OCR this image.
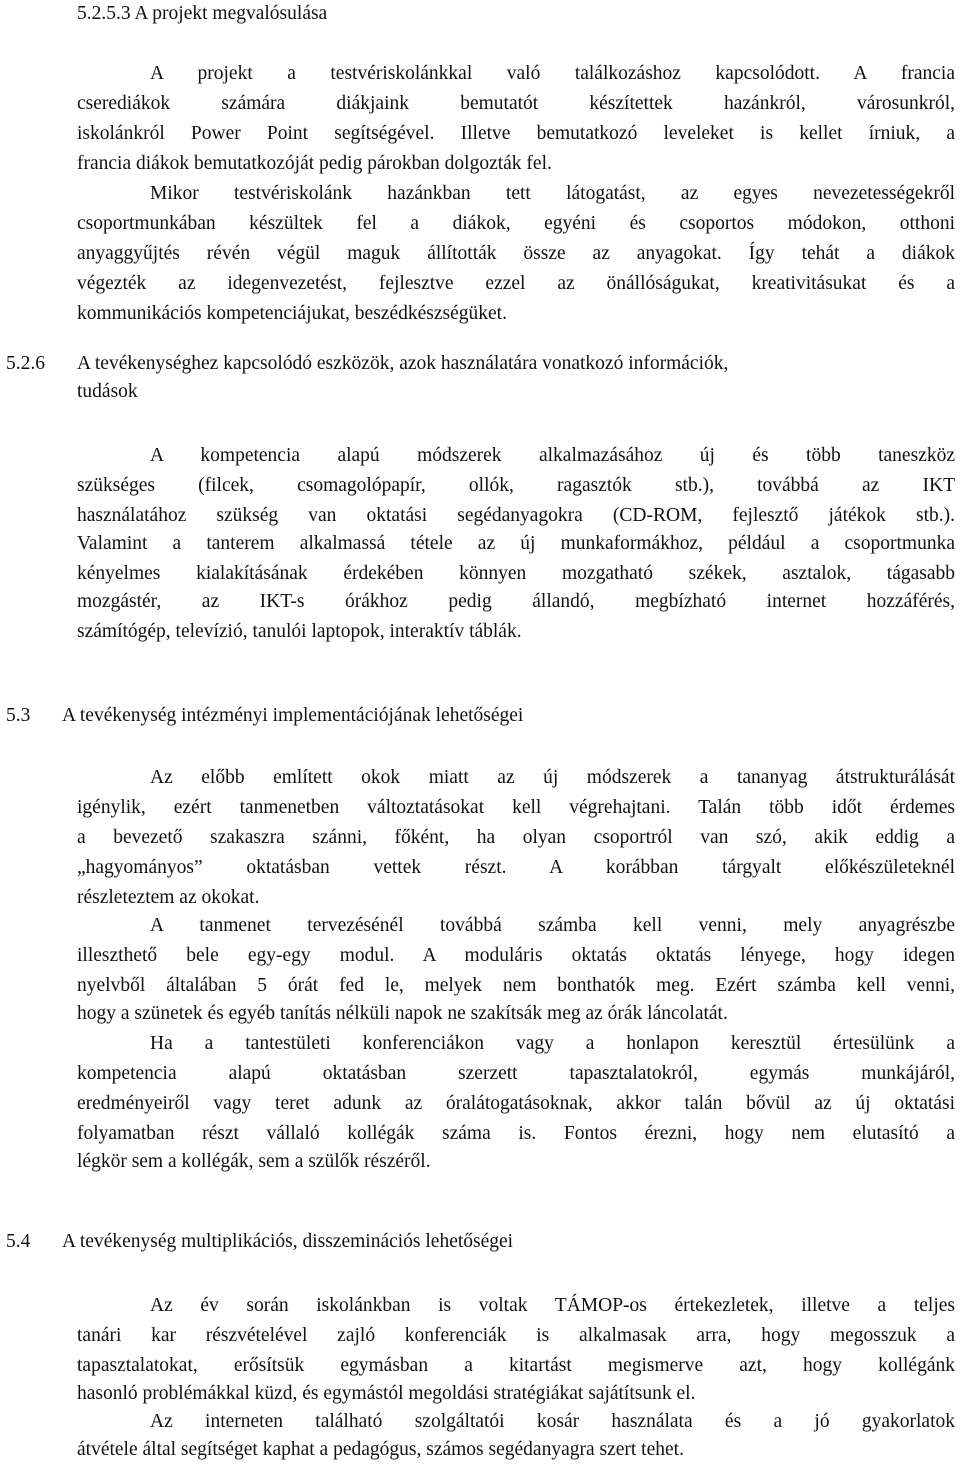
5.2.5.3 A projekt megvalósulása
A projekt a testvériskolánkkal való találkozáshoz kapcsolódott. A francia
cserediákok számára diákjaink bemutatót készítettek hazánkról, városunkról,
iskolánkról Power Point segítségével. Illetve bemutatkozó leveleket is kellet írniuk, a
francia diákok bemutatkozóját pedig párokban dolgozták fel.
Mikor testvériskolánk hazánkban tett látogatást, az egyes nevezetességekről
csoportmunkában készültek fel a diákok, egyéni és csoportos módokon, otthoni
anyaggyűjtés révén végül maguk állították össze az anyagokat. Így tehát a diákok
végezték az idegenvezetést, fejlesztve ezzel az önállóságukat, kreativitásukat és a
kommunikációs kompetenciájukat, beszédkészségüket.
5.2.6 A tevékenységhez kapcsolódó eszközök, azok használatára vonatkozó információk,
tudások
A kompetencia alapú módszerek alkalmazásához új és több taneszköz
szükséges (filcek, csomagolópapír, ollók, ragasztók stb.), továbbá az IKT
használatához szükség van oktatási segédanyagokra (CD-ROM, fejlesztő játékok stb.).
Valamint a tanterem alkalmassá tétele az új munkaformákhoz, például a csoportmunka
kényelmes kialakításának érdekében könnyen mozgatható székek, asztalok, tágasabb
mozgástér, az IKT-s órákhoz pedig állandó, megbízható internet hozzáférés,
számítógép, televízió, tanulói laptopok, interaktív táblák.
5.3 A tevékenység intézményi implementációjának lehetőségei
Az előbb említett okok miatt az új módszerek a tananyag átstrukturálását
igénylik, ezért tanmenetben változtatásokat kell végrehajtani. Talán több időt érdemes
a bevezető szakaszra szánni, főként, ha olyan csoportról van szó, akik eddig a
„hagyományos” oktatásban vettek részt. A korábban tárgyalt előkészületeknél
részleteztem az okokat.
A tanmenet tervezésénél továbbá számba kell venni, mely anyagrészbe
illeszthető bele egy-egy modul. A moduláris oktatás oktatás lényege, hogy idegen
nyelvből általában 5 órát fed le, melyek nem bonthatók meg. Ezért számba kell venni,
hogy a szünetek és egyéb tanítás nélküli napok ne szakítsák meg az órák láncolatát.
Ha a tantestületi konferenciákon vagy a honlapon keresztül értesülünk a
kompetencia alapú oktatásban szerzett tapasztalatokról, egymás munkájáról,
eredményeiről vagy teret adunk az óralátogatásoknak, akkor talán bővül az új oktatási
folyamatban részt vállaló kollégák száma is. Fontos érezni, hogy nem elutasító a
légkör sem a kollégák, sem a szülők részéről.
5.4 A tevékenység multiplikációs, disszeminációs lehetőségei
Az év során iskolánkban is voltak TÁMOP-os értekezletek, illetve a teljes
tanári kar részvételével zajló konferenciák is alkalmasak arra, hogy megosszuk a
tapasztalatokat, erősítsük egymásban a kitartást megismerve azt, hogy kollégánk
hasonló problémákkal küzd, és egymástól megoldási stratégiákat sajátítsunk el.
Az interneten található szolgáltatói kosár használata és a jó gyakorlatok
átvétele által segítséget kaphat a pedagógus, számos segédanyagra szert tehet.
